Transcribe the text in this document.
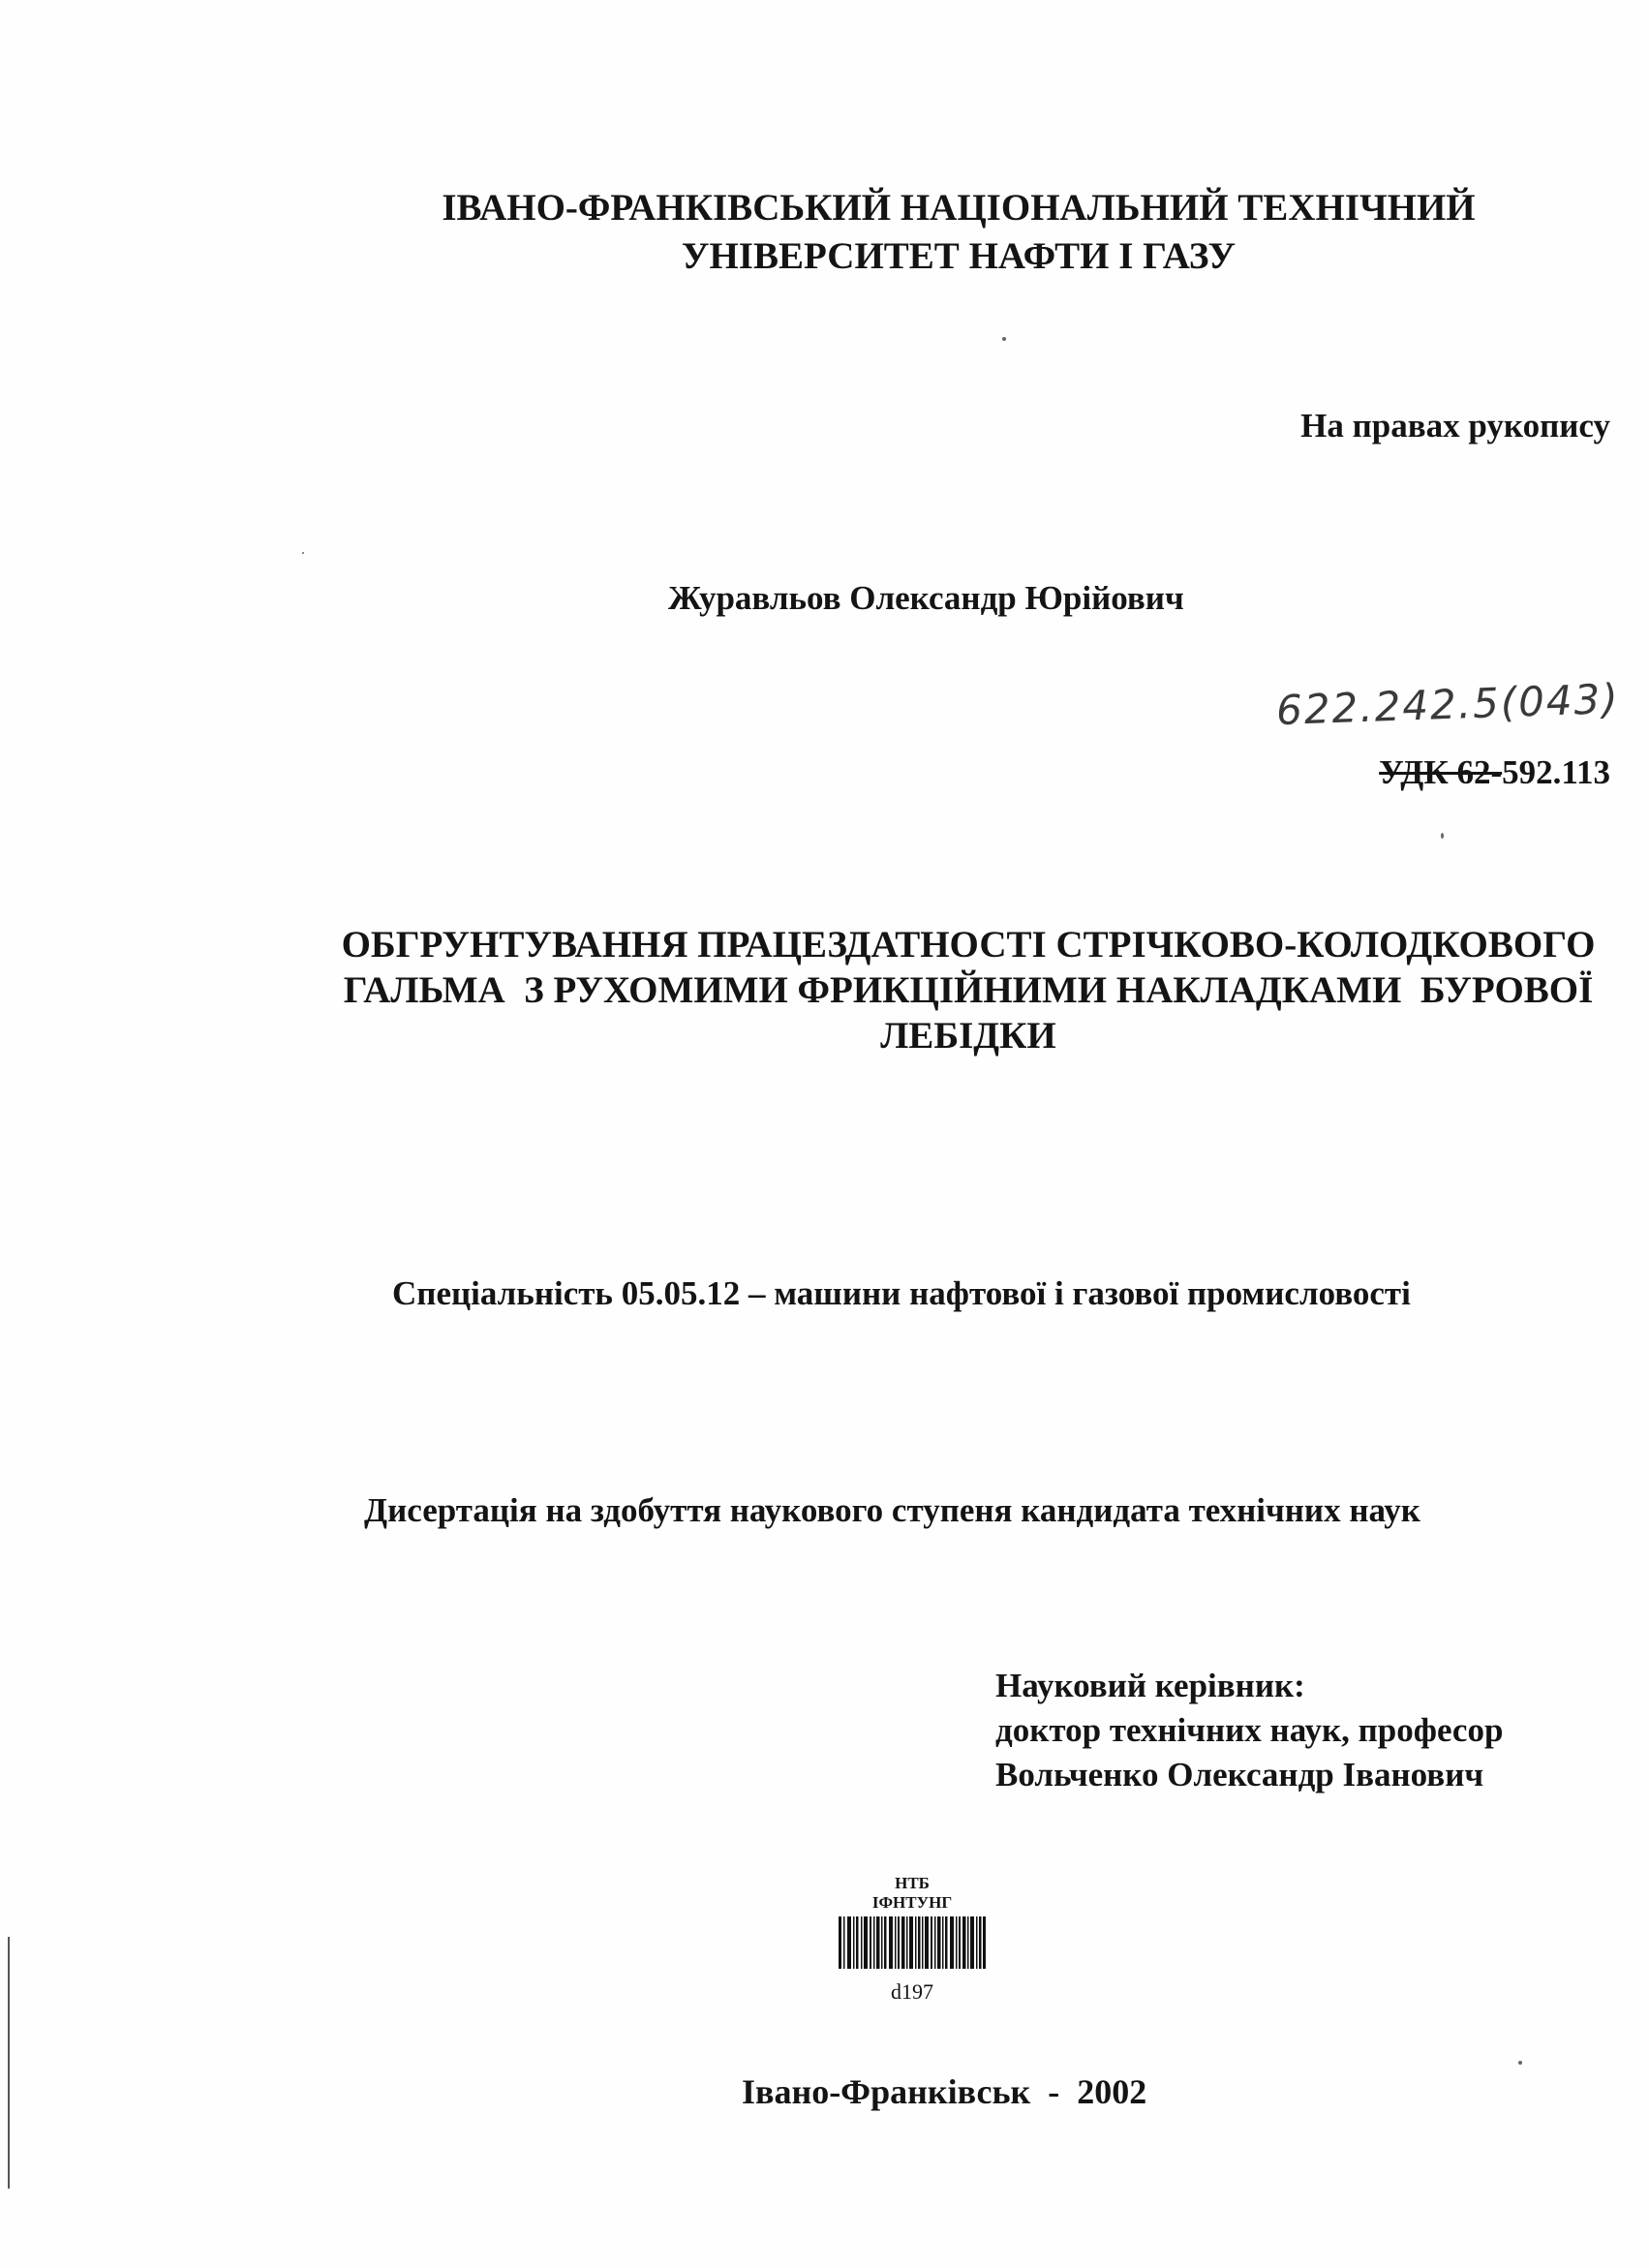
ІВАНО-ФРАНКІВСЬКИЙ НАЦІОНАЛЬНИЙ ТЕХНІЧНИЙ
УНІВЕРСИТЕТ НАФТИ І ГАЗУ
На правах рукопису
Журавльов Олександр Юрійович
622.242.5(043)
УДК 62-592.113
ОБГРУНТУВАННЯ ПРАЦЕЗДАТНОСТІ СТРІЧКОВО-КОЛОДКОВОГО
ГАЛЬМА  З РУХОМИМИ ФРИКЦІЙНИМИ НАКЛАДКАМИ  БУРОВОЇ
ЛЕБІДКИ
Спеціальність 05.05.12 – машини нафтової і газової промисловості
Дисертація на здобуття наукового ступеня кандидата технічних наук
Науковий керівник:
доктор технічних наук, професор
Вольченко Олександр Іванович
НТБ
ІФНТУНГ
d197
Івано-Франківськ  -  2002
